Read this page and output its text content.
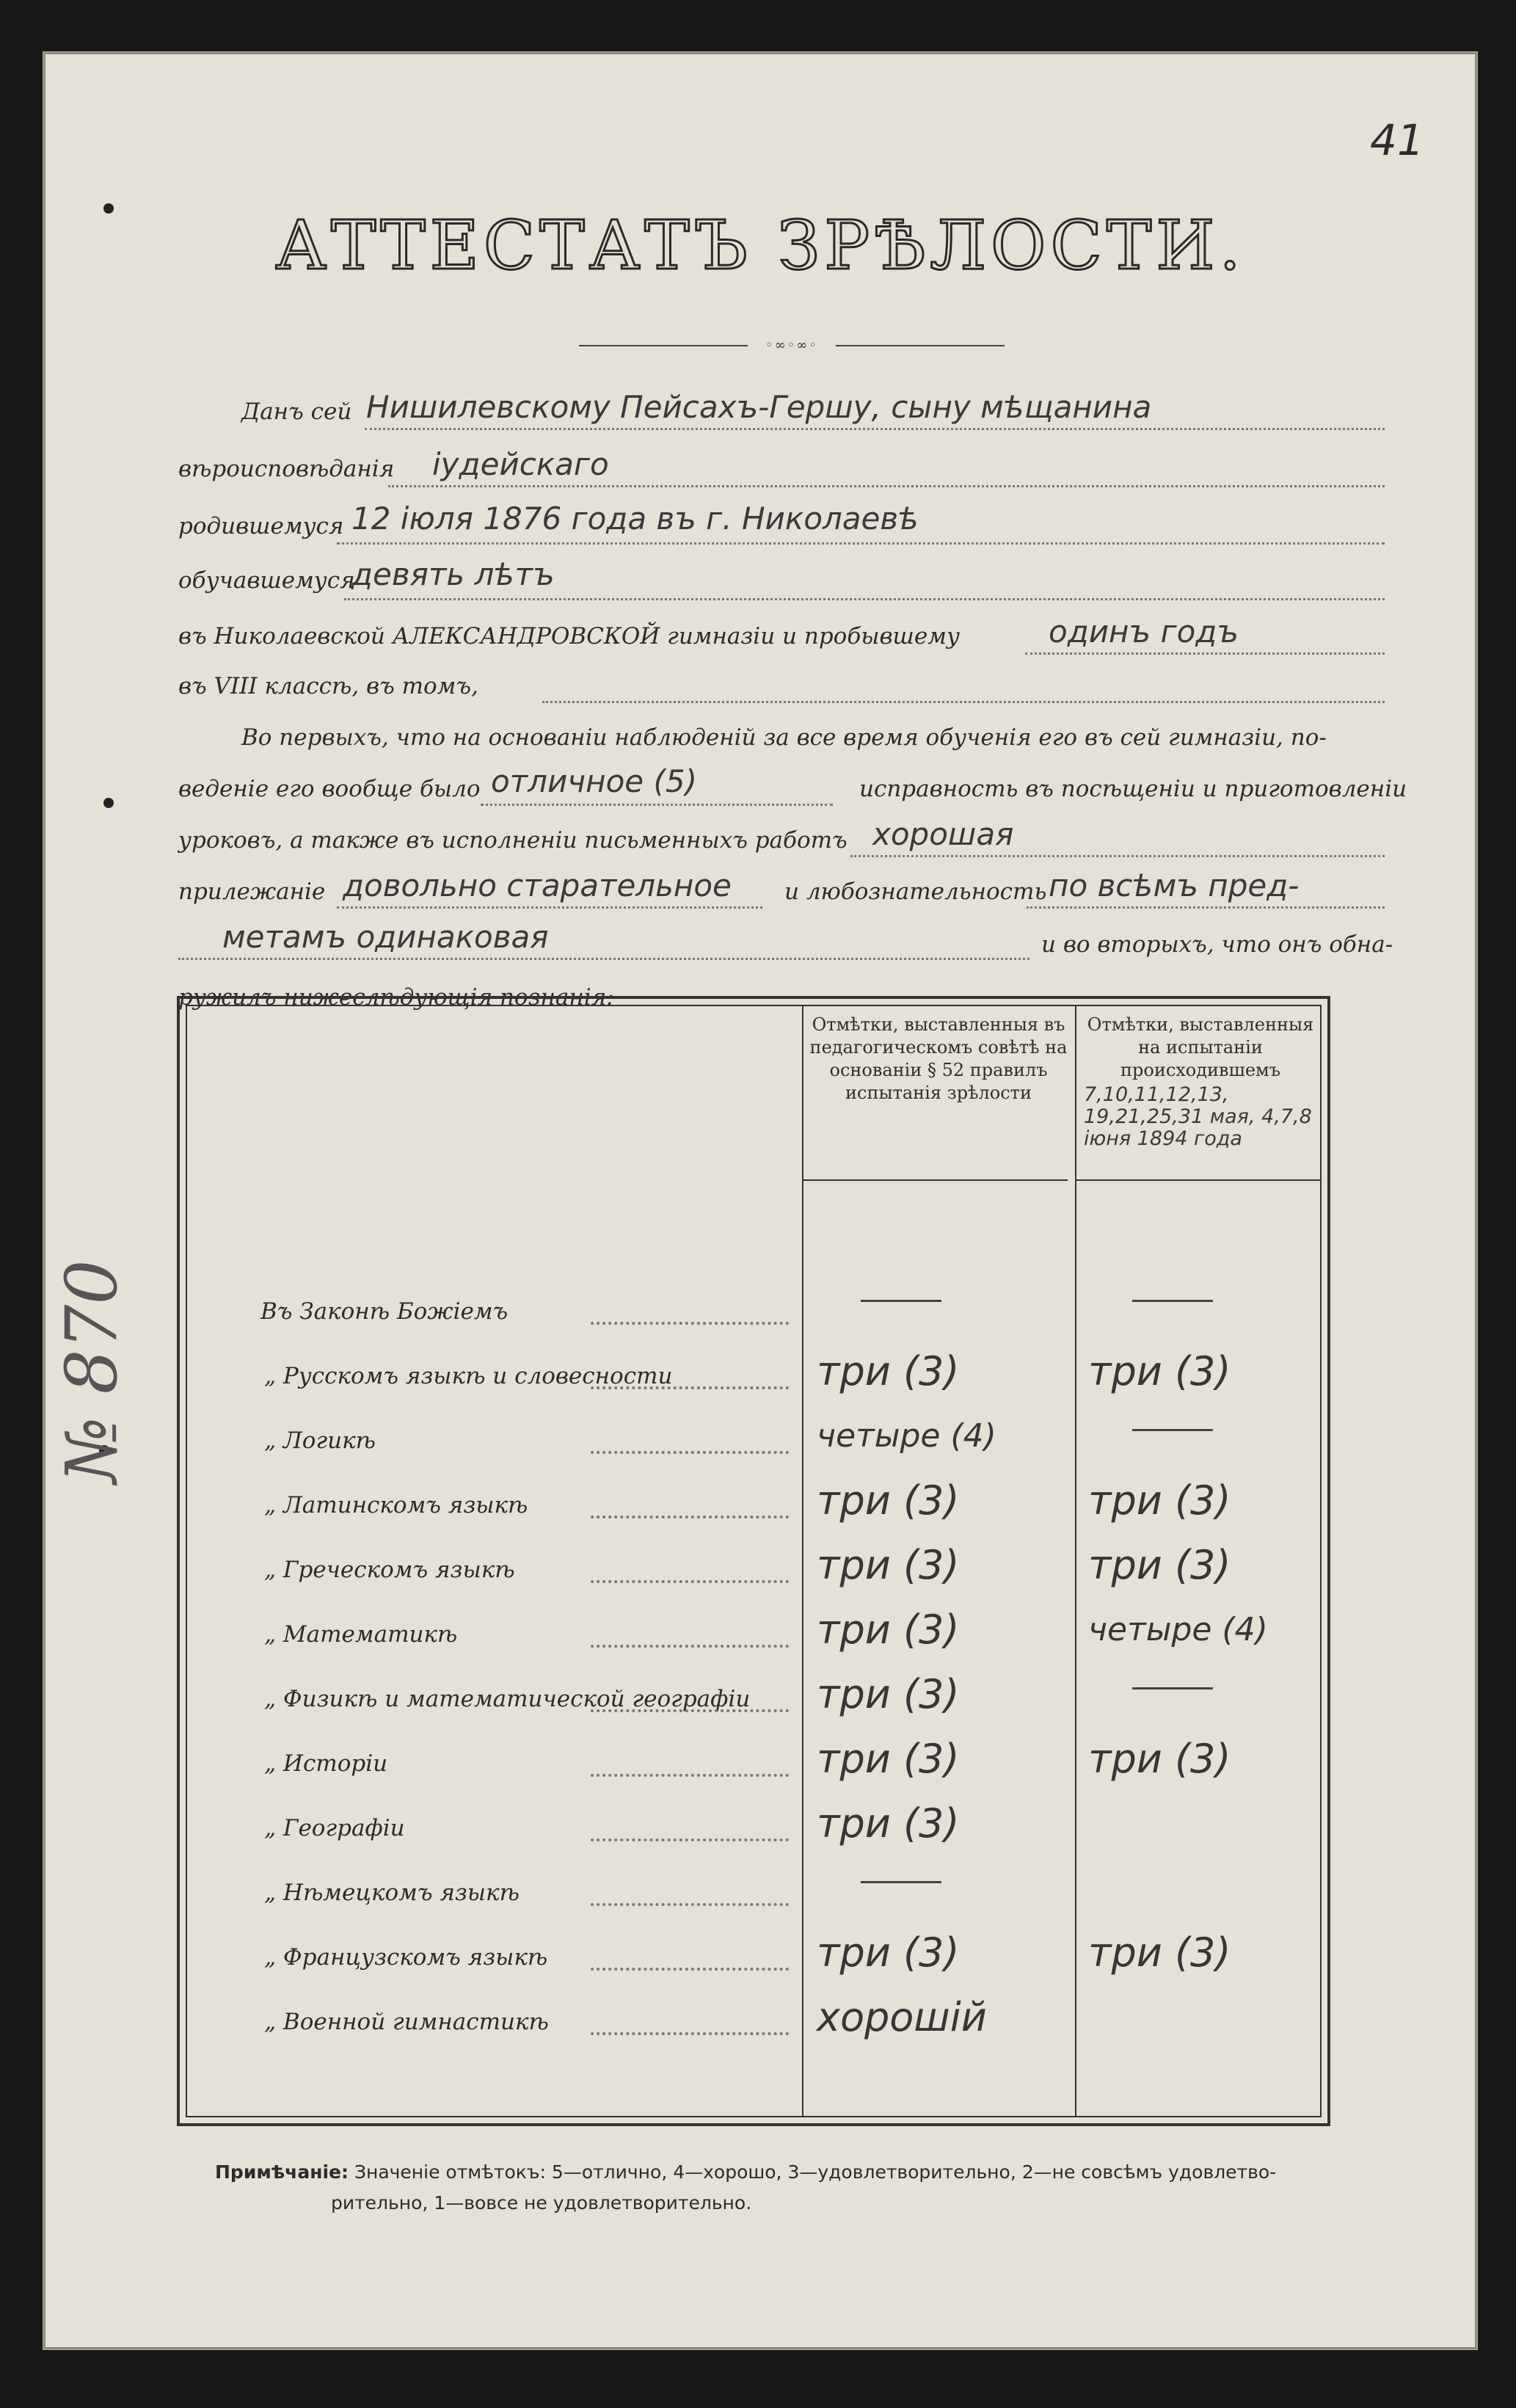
41
№ 870
АТТЕСТАТЪ ЗРѢЛОСТИ.
◦∞◦∞◦
Данъ сей Нишилевскому Пейсахъ-Гершу, сыну мѣщанина
вѣроисповѣданія iудейскаго
родившемуся 12 iюля 1876 года въ г. Николаевѣ
обучавшемуся
девять лѣтъ
въ Николаевской АЛЕКСАНДРОВСКОЙ гимназіи и пробывшему	одинъ годъ
въ VIII классѣ, въ томъ,
Во первыхъ, что на основаніи наблюденій за все время обученія его въ сей гимназіи, по-
веденіе его вообще было отличное (5)	исправность въ посѣщеніи и приготовленіи
уроковъ, а также въ исполненіи письменныхъ работъ хорошая
прилежаніе довольно старательное и любознательность по всѣмъ пред-
метамъ одинаковая	и во вторыхъ, что онъ обна-
ружилъ нижеслѣдующія познанія:
Отмѣтки, выставленныя въ педагогическомъ совѣтѣ на основаніи § 52 правилъ испытанія зрѣлости
Отмѣтки, выставленныя на испытаніи происходившемъ
7,10,11,12,13, 19,21,25,31 мая, 4,7,8 iюня 1894 года
Въ Законѣ Божіемъ
„ Русскомъ языкѣ и словесности	три (3)	три (3)
„ Логикѣ	четыре (4)
„ Латинскомъ языкѣ	три (3)	три (3)
„ Греческомъ языкѣ	три (3)	три (3)
„ Математикѣ	три (3)	четыре (4)
„ Физикѣ и математической географіи три (3)
„ Исторіи	три (3)	три (3)
„ Географіи	три (3)
„ Нѣмецкомъ языкѣ
„ Французскомъ языкѣ	три (3)	три (3)
„ Военной гимнастикѣ	хорошій
Примѣчаніе: Значеніе отмѣтокъ: 5—отлично, 4—хорошо, 3—удовлетворительно, 2—не совсѣмъ удовлетво-
рительно, 1—вовсе не удовлетворительно.
